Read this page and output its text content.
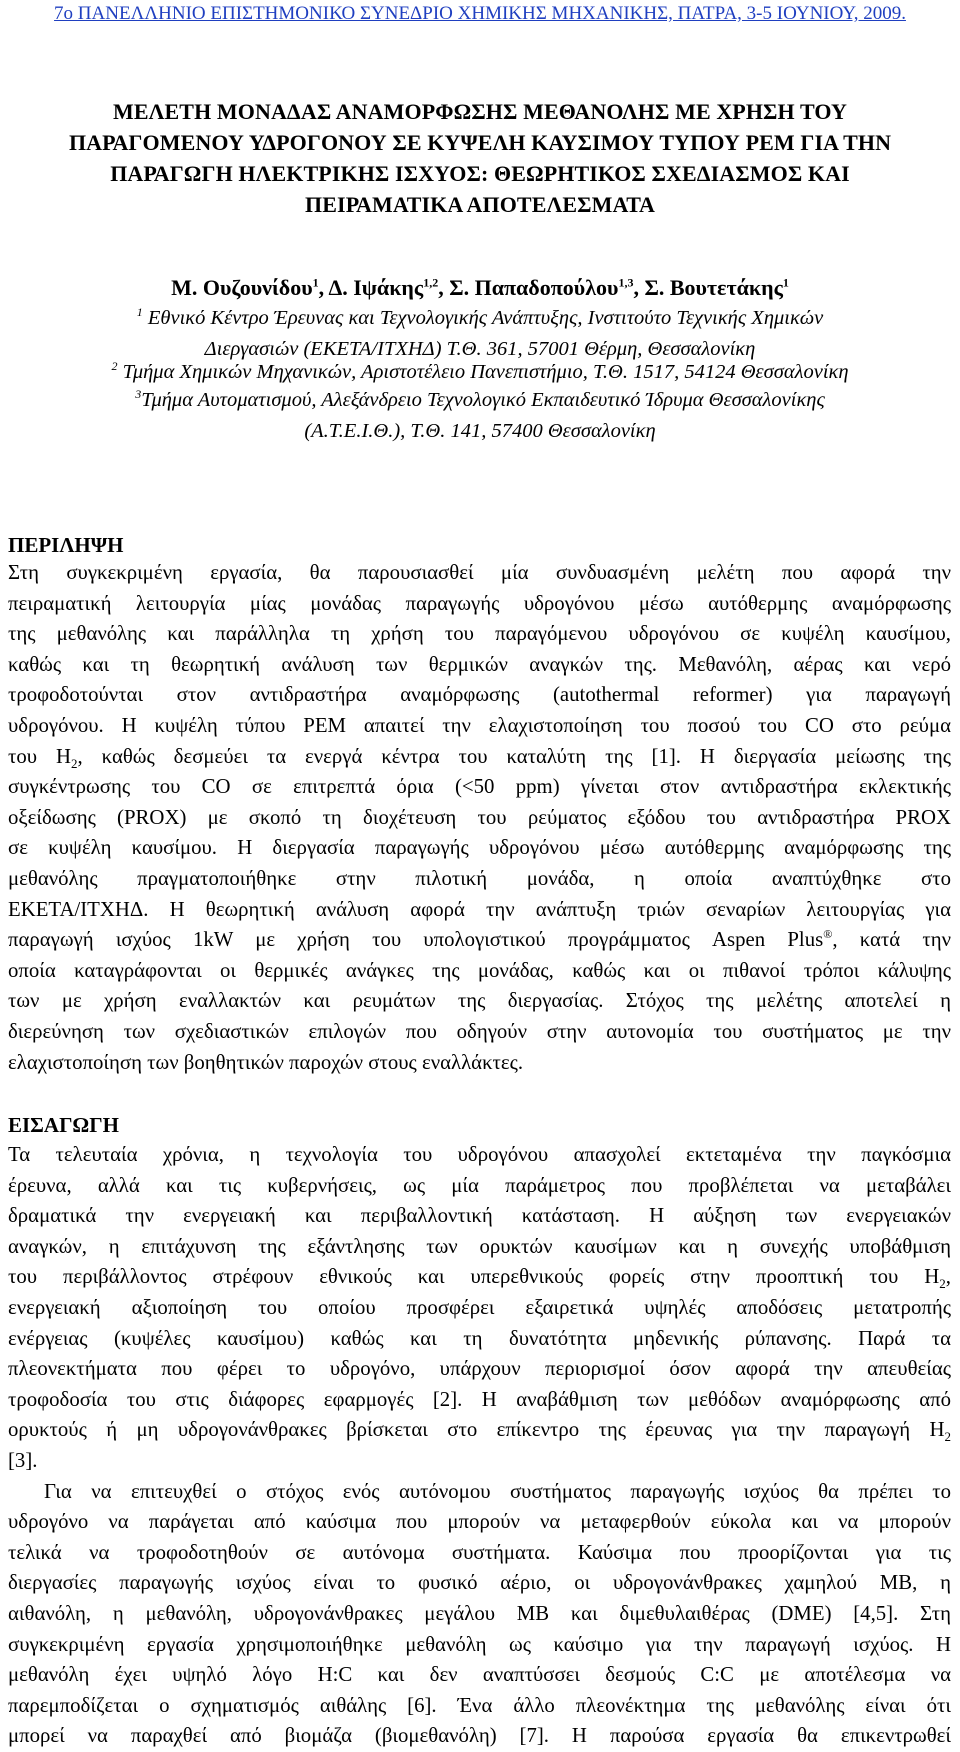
7ο ΠΑΝΕΛΛΗΝΙΟ ΕΠΙΣΤΗΜΟΝΙΚΟ ΣΥΝΕΔΡΙΟ ΧΗΜΙΚΗΣ ΜΗΧΑΝΙΚΗΣ, ΠΑΤΡΑ, 3-5 ΙΟΥΝΙΟΥ, 2009.
ΜΕΛΕΤΗ ΜΟΝΑΔΑΣ ΑΝΑΜΟΡΦΩΣΗΣ ΜΕΘΑΝΟΛΗΣ ΜΕ ΧΡΗΣΗ ΤΟΥ
ΠΑΡΑΓΟΜΕΝΟΥ ΥΔΡΟΓΟΝΟΥ ΣΕ ΚΥΨΕΛΗ ΚΑΥΣΙΜΟΥ ΤΥΠΟΥ PEM ΓΙΑ ΤΗΝ
ΠΑΡΑΓΩΓΗ ΗΛΕΚΤΡΙΚΗΣ ΙΣΧΥΟΣ: ΘΕΩΡΗΤΙΚΟΣ ΣΧΕΔΙΑΣΜΟΣ ΚΑΙ
ΠΕΙΡΑΜΑΤΙΚΑ ΑΠΟΤΕΛΕΣΜΑΤΑ
Μ. Ουζουνίδου$^1$, Δ. Ιψάκης$^{1,2}$, Σ. Παπαδοπούλου$^{1,3}$, Σ. Βουτετάκης$^1$
$^1$ Εθνικό Κέντρο Έρευνας και Τεχνολογικής Ανάπτυξης, Ινστιτούτο Τεχνικής Χημικών
Διεργασιών (ΕΚΕΤΑ/ΙΤΧΗΔ) Τ.Θ. 361, 57001 Θέρμη, Θεσσαλονίκη
$^2$ Τμήμα Χημικών Μηχανικών, Αριστοτέλειο Πανεπιστήμιο, Τ.Θ. 1517, 54124 Θεσσαλονίκη
$^3$Τμήμα Αυτοματισμού, Αλεξάνδρειο Τεχνολογικό Εκπαιδευτικό Ίδρυμα Θεσσαλονίκης
(Α.Τ.Ε.Ι.Θ.), Τ.Θ. 141, 57400 Θεσσαλονίκη
ΠΕΡΙΛΗΨΗ
Στη συγκεκριμένη εργασία, θα παρουσιασθεί μία συνδυασμένη μελέτη που αφορά την
πειραματική λειτουργία μίας μονάδας παραγωγής υδρογόνου μέσω αυτόθερμης αναμόρφωσης
της μεθανόλης και παράλληλα τη χρήση του παραγόμενου υδρογόνου σε κυψέλη καυσίμου,
καθώς και τη θεωρητική ανάλυση των θερμικών αναγκών της. Μεθανόλη, αέρας και νερό
τροφοδοτούνται στον αντιδραστήρα αναμόρφωσης (autothermal reformer) για παραγωγή
υδρογόνου. Η κυψέλη τύπου PEM απαιτεί την ελαχιστοποίηση του ποσού του CO στο ρεύμα
του $H_2$, καθώς δεσμεύει τα ενεργά κέντρα του καταλύτη της [1]. Η διεργασία μείωσης της
συγκέντρωσης του CO σε επιτρεπτά όρια (<50 ppm) γίνεται στον αντιδραστήρα εκλεκτικής
οξείδωσης (PROX) με σκοπό τη διοχέτευση του ρεύματος εξόδου του αντιδραστήρα PROX
σε κυψέλη καυσίμου. Η διεργασία παραγωγής υδρογόνου μέσω αυτόθερμης αναμόρφωσης της
μεθανόλης πραγματοποιήθηκε στην πιλοτική μονάδα, η οποία αναπτύχθηκε στο
ΕΚΕΤΑ/ΙΤΧΗΔ. Η θεωρητική ανάλυση αφορά την ανάπτυξη τριών σεναρίων λειτουργίας για
παραγωγή ισχύος 1kW με χρήση του υπολογιστικού προγράμματος Aspen Plus®, κατά την
οποία καταγράφονται οι θερμικές ανάγκες της μονάδας, καθώς και οι πιθανοί τρόποι κάλυψης
των με χρήση εναλλακτών και ρευμάτων της διεργασίας. Στόχος της μελέτης αποτελεί η
διερεύνηση των σχεδιαστικών επιλογών που οδηγούν στην αυτονομία του συστήματος με την
ελαχιστοποίηση των βοηθητικών παροχών στους εναλλάκτες.
ΕΙΣΑΓΩΓΗ
Τα τελευταία χρόνια, η τεχνολογία του υδρογόνου απασχολεί εκτεταμένα την παγκόσμια
έρευνα, αλλά και τις κυβερνήσεις, ως μία παράμετρος που προβλέπεται να μεταβάλει
δραματικά την ενεργειακή και περιβαλλοντική κατάσταση. Η αύξηση των ενεργειακών
αναγκών, η επιτάχυνση της εξάντλησης των ορυκτών καυσίμων και η συνεχής υποβάθμιση
του περιβάλλοντος στρέφουν εθνικούς και υπερεθνικούς φορείς στην προοπτική του $H_2$,
ενεργειακή αξιοποίηση του οποίου προσφέρει εξαιρετικά υψηλές αποδόσεις μετατροπής
ενέργειας (κυψέλες καυσίμου) καθώς και τη δυνατότητα μηδενικής ρύπανσης. Παρά τα
πλεονεκτήματα που φέρει το υδρογόνο, υπάρχουν περιορισμοί όσον αφορά την απευθείας
τροφοδοσία του στις διάφορες εφαρμογές [2]. Η αναβάθμιση των μεθόδων αναμόρφωσης από
ορυκτούς ή μη υδρογονάνθρακες βρίσκεται στο επίκεντρο της έρευνας για την παραγωγή $H_2$
[3].
Για να επιτευχθεί ο στόχος ενός αυτόνομου συστήματος παραγωγής ισχύος θα πρέπει το
υδρογόνο να παράγεται από καύσιμα που μπορούν να μεταφερθούν εύκολα και να μπορούν
τελικά να τροφοδοτηθούν σε αυτόνομα συστήματα. Καύσιμα που προορίζονται για τις
διεργασίες παραγωγής ισχύος είναι το φυσικό αέριο, οι υδρογονάνθρακες χαμηλού ΜΒ, η
αιθανόλη, η μεθανόλη, υδρογονάνθρακες μεγάλου ΜΒ και διμεθυλαιθέρας (DME) [4,5]. Στη
συγκεκριμένη εργασία χρησιμοποιήθηκε μεθανόλη ως καύσιμο για την παραγωγή ισχύος. Η
μεθανόλη έχει υψηλό λόγο H:C και δεν αναπτύσσει δεσμούς C:C με αποτέλεσμα να
παρεμποδίζεται ο σχηματισμός αιθάλης [6]. Ένα άλλο πλεονέκτημα της μεθανόλης είναι ότι
μπορεί να παραχθεί από βιομάζα (βιομεθανόλη) [7]. Η παρούσα εργασία θα επικεντρωθεί
